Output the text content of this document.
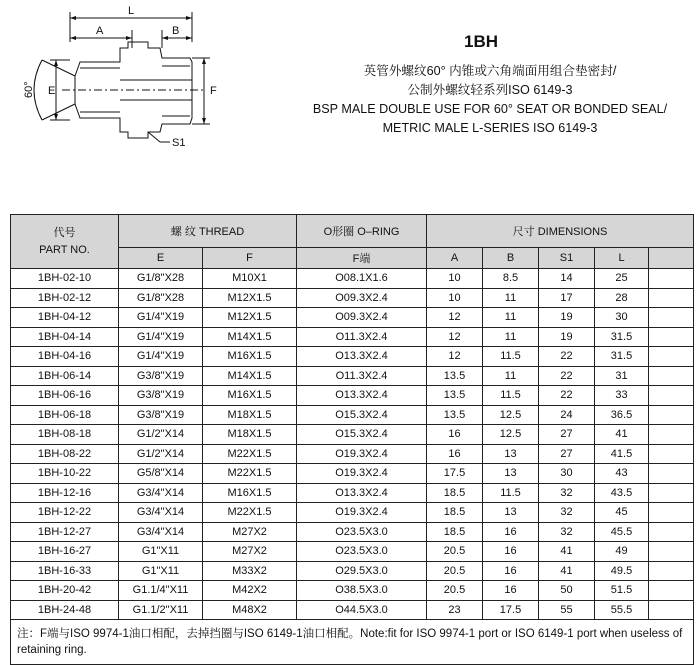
L
A	B
E	F
S1
60°
1BH
英管外螺纹60° 内锥或六角端面用组合垫密封/
公制外螺纹轻系列ISO 6149-3
BSP MALE DOUBLE USE FOR 60° SEAT OR BONDED SEAL/
METRIC MALE L-SERIES ISO 6149-3
代号
PART NO.	螺 纹 THREAD		O形圈 O–RING	尺寸 DIMENSIONS				
	E	F	F端	A	B	S1	L	
1BH-02-10	G1/8"X28	M10X1	O08.1X1.6	10	8.5	14	25	
1BH-02-12	G1/8"X28	M12X1.5	O09.3X2.4	10	11	17	28	
1BH-04-12	G1/4"X19	M12X1.5	O09.3X2.4	12	11	19	30	
1BH-04-14	G1/4"X19	M14X1.5	O11.3X2.4	12	11	19	31.5	
1BH-04-16	G1/4"X19	M16X1.5	O13.3X2.4	12	11.5	22	31.5	
1BH-06-14	G3/8"X19	M14X1.5	O11.3X2.4	13.5	11	22	31	
1BH-06-16	G3/8"X19	M16X1.5	O13.3X2.4	13.5	11.5	22	33	
1BH-06-18	G3/8"X19	M18X1.5	O15.3X2.4	13.5	12.5	24	36.5	
1BH-08-18	G1/2"X14	M18X1.5	O15.3X2.4	16	12.5	27	41	
1BH-08-22	G1/2"X14	M22X1.5	O19.3X2.4	16	13	27	41.5	
1BH-10-22	G5/8"X14	M22X1.5	O19.3X2.4	17.5	13	30	43	
1BH-12-16	G3/4"X14	M16X1.5	O13.3X2.4	18.5	11.5	32	43.5	
1BH-12-22	G3/4"X14	M22X1.5	O19.3X2.4	18.5	13	32	45	
1BH-12-27	G3/4"X14	M27X2	O23.5X3.0	18.5	16	32	45.5	
1BH-16-27	G1"X11	M27X2	O23.5X3.0	20.5	16	41	49	
1BH-16-33	G1"X11	M33X2	O29.5X3.0	20.5	16	41	49.5	
1BH-20-42	G1.1/4"X11	M42X2	O38.5X3.0	20.5	16	50	51.5	
1BH-24-48	G1.1/2"X11	M48X2	O44.5X3.0	23	17.5	55	55.5	
注：F端与ISO 9974-1油口相配，去掉挡圈与ISO 6149-1油口相配。Note:fit for ISO 9974-1 port or ISO 6149-1 port when useless of retaining ring.								
